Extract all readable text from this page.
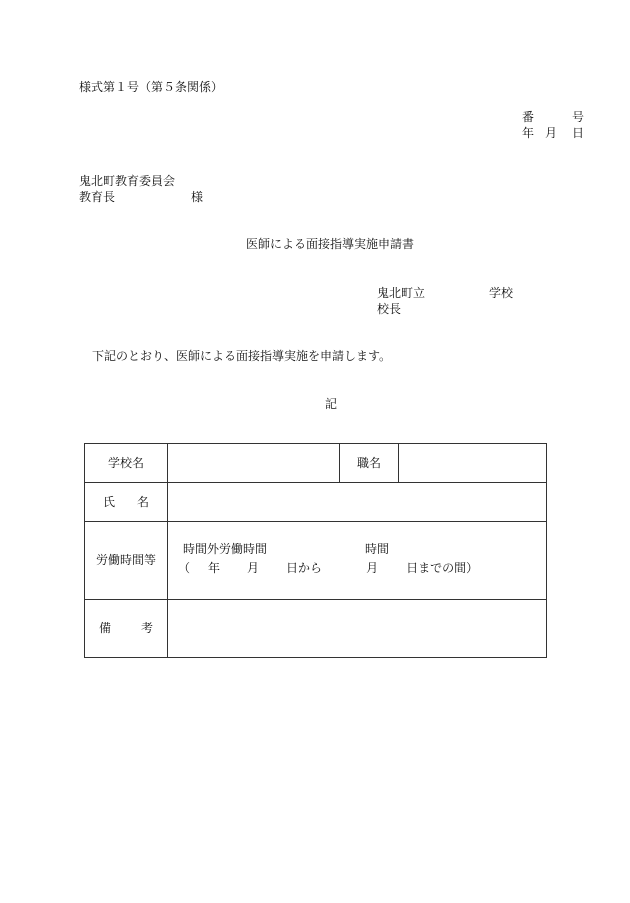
様式第１号（第５条関係）
番	号
年 月	日
鬼北町教育委員会
教育長	様
医師による面接指導実施申請書
鬼北町立	学校
校長
下記のとおり、医師による面接指導実施を申請します。
記
学校名		職名	
氏 名			
労働時間等	時間外労働時間 時間
（ 年 月 日から 月 日までの間）		

備 考			
